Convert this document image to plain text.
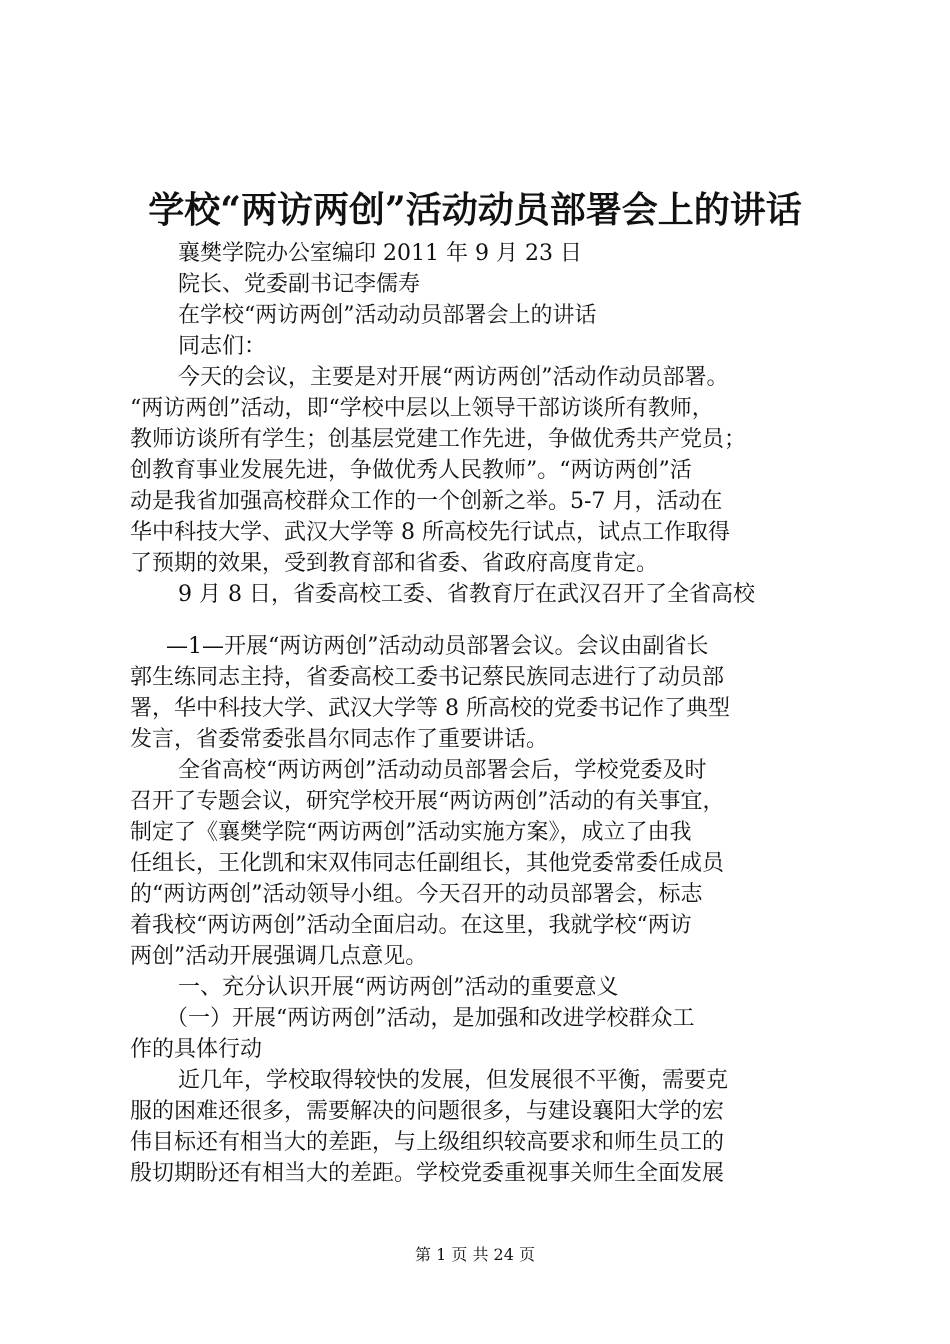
学校“两访两创”活动动员部署会上的讲话
襄樊学院办公室编印 2011 年 9 月 23 日
院长、党委副书记李儒寿
在学校“两访两创”活动动员部署会上的讲话
同志们：
今天的会议，主要是对开展“两访两创”活动作动员部署。
“两访两创”活动，即“学校中层以上领导干部访谈所有教师，
教师访谈所有学生；创基层党建工作先进，争做优秀共产党员；
创教育事业发展先进，争做优秀人民教师”。“两访两创”活
动是我省加强高校群众工作的一个创新之举。5-7 月，活动在
华中科技大学、武汉大学等 8 所高校先行试点，试点工作取得
了预期的效果，受到教育部和省委、省政府高度肯定。
9 月 8 日，省委高校工委、省教育厅在武汉召开了全省高校
—1—开展“两访两创”活动动员部署会议。会议由副省长
郭生练同志主持，省委高校工委书记蔡民族同志进行了动员部
署，华中科技大学、武汉大学等 8 所高校的党委书记作了典型
发言，省委常委张昌尔同志作了重要讲话。
全省高校“两访两创”活动动员部署会后，学校党委及时
召开了专题会议，研究学校开展“两访两创”活动的有关事宜，
制定了《襄樊学院“两访两创”活动实施方案》，成立了由我
任组长，王化凯和宋双伟同志任副组长，其他党委常委任成员
的“两访两创”活动领导小组。今天召开的动员部署会，标志
着我校“两访两创”活动全面启动。在这里，我就学校“两访
两创”活动开展强调几点意见。
一、充分认识开展“两访两创”活动的重要意义
（一）开展“两访两创”活动，是加强和改进学校群众工
作的具体行动
近几年，学校取得较快的发展，但发展很不平衡，需要克
服的困难还很多，需要解决的问题很多，与建设襄阳大学的宏
伟目标还有相当大的差距，与上级组织较高要求和师生员工的
殷切期盼还有相当大的差距。学校党委重视事关师生全面发展
第 1 页 共 24 页
